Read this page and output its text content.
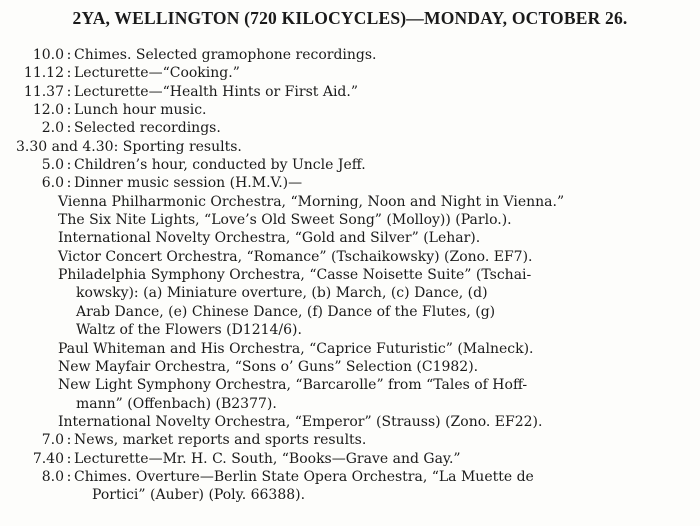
2YA, WELLINGTON (720 KILOCYCLES)—MONDAY, OCTOBER 26.
10.0 : Chimes. Selected gramophone recordings.
11.12 : Lecturette—“Cooking.”
11.37 : Lecturette—“Health Hints or First Aid.”
12.0 : Lunch hour music.
2.0 : Selected recordings.
3.30 and 4.30 : Sporting results.
5.0 : Children’s hour, conducted by Uncle Jeff.
6.0 : Dinner music session (H.M.V.)—
Vienna Philharmonic Orchestra, “Morning, Noon and Night in Vienna.”
The Six Nite Lights, “Love’s Old Sweet Song” (Molloy)) (Parlo.).
International Novelty Orchestra, “Gold and Silver” (Lehar).
Victor Concert Orchestra, “Romance” (Tschaikowsky) (Zono. EF7).
Philadelphia Symphony Orchestra, “Casse Noisette Suite” (Tschai-
kowsky): (a) Miniature overture, (b) March, (c) Dance, (d)
Arab Dance, (e) Chinese Dance, (f) Dance of the Flutes, (g)
Waltz of the Flowers (D1214/6).
Paul Whiteman and His Orchestra, “Caprice Futuristic” (Malneck).
New Mayfair Orchestra, “Sons o’ Guns” Selection (C1982).
New Light Symphony Orchestra, “Barcarolle” from “Tales of Hoff-
mann” (Offenbach) (B2377).
International Novelty Orchestra, “Emperor” (Strauss) (Zono. EF22).
7.0 : News, market reports and sports results.
7.40 : Lecturette—Mr. H. C. South, “Books—Grave and Gay.”
8.0 : Chimes. Overture—Berlin State Opera Orchestra, “La Muette de
Portici” (Auber) (Poly. 66388).
